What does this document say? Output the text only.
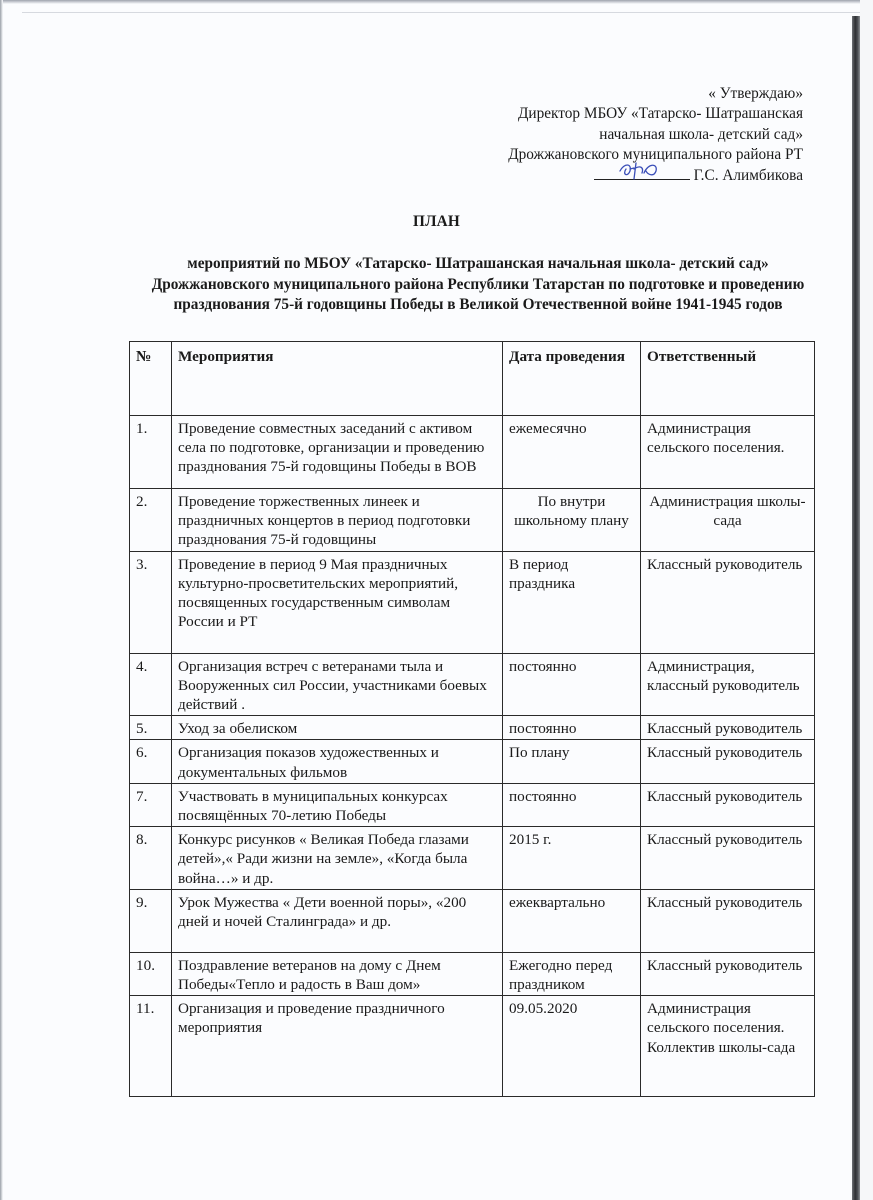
« Утверждаю»
Директор МБОУ «Татарско- Шатрашанская
начальная школа- детский сад»
Дрожжановского муниципального района РТ
Г.С. Алимбикова
ПЛАН
мероприятий по МБОУ «Татарско- Шатрашанская начальная школа- детский сад» Дрожжановского муниципального района Республики Татарстан по подготовке и проведению празднования 75-й годовщины Победы в Великой Отечественной войне 1941-1945 годов
№	Мероприятия	Дата проведения	Ответственный
1.	Проведение совместных заседаний с активом села по подготовке, организации и проведению празднования 75-й годовщины Победы в ВОВ	ежемесячно	Администрация сельского поселения.
2.	Проведение торжественных линеек и праздничных концертов в период подготовки празднования 75-й годовщины	По внутри школьному плану	Администрация школы-сада
3.	Проведение в период 9 Мая праздничных культурно-просветительских мероприятий, посвященных государственным символам России и РТ	В период праздника	Классный руководитель
4.	Организация встреч с ветеранами тыла и Вооруженных сил России, участниками боевых действий .	постоянно	Администрация, классный руководитель
5.	Уход за обелиском	постоянно	Классный руководитель
6.	Организация показов художественных и документальных фильмов	По плану	Классный руководитель
7.	Участвовать в муниципальных конкурсах посвящённых 70-летию Победы	постоянно	Классный руководитель
8.	Конкурс рисунков « Великая Победа глазами детей»,« Ради жизни на земле», «Когда была война…» и др.	2015 г.	Классный руководитель
9.	Урок Мужества « Дети военной поры», «200 дней и ночей Сталинграда» и др.	ежеквартально	Классный руководитель
10.	Поздравление ветеранов на дому с Днем Победы«Тепло и радость в Ваш дом»	Ежегодно перед праздником	Классный руководитель
11.	Организация и проведение праздничного мероприятия	09.05.2020	Администрация сельского поселения. Коллектив школы-сада
